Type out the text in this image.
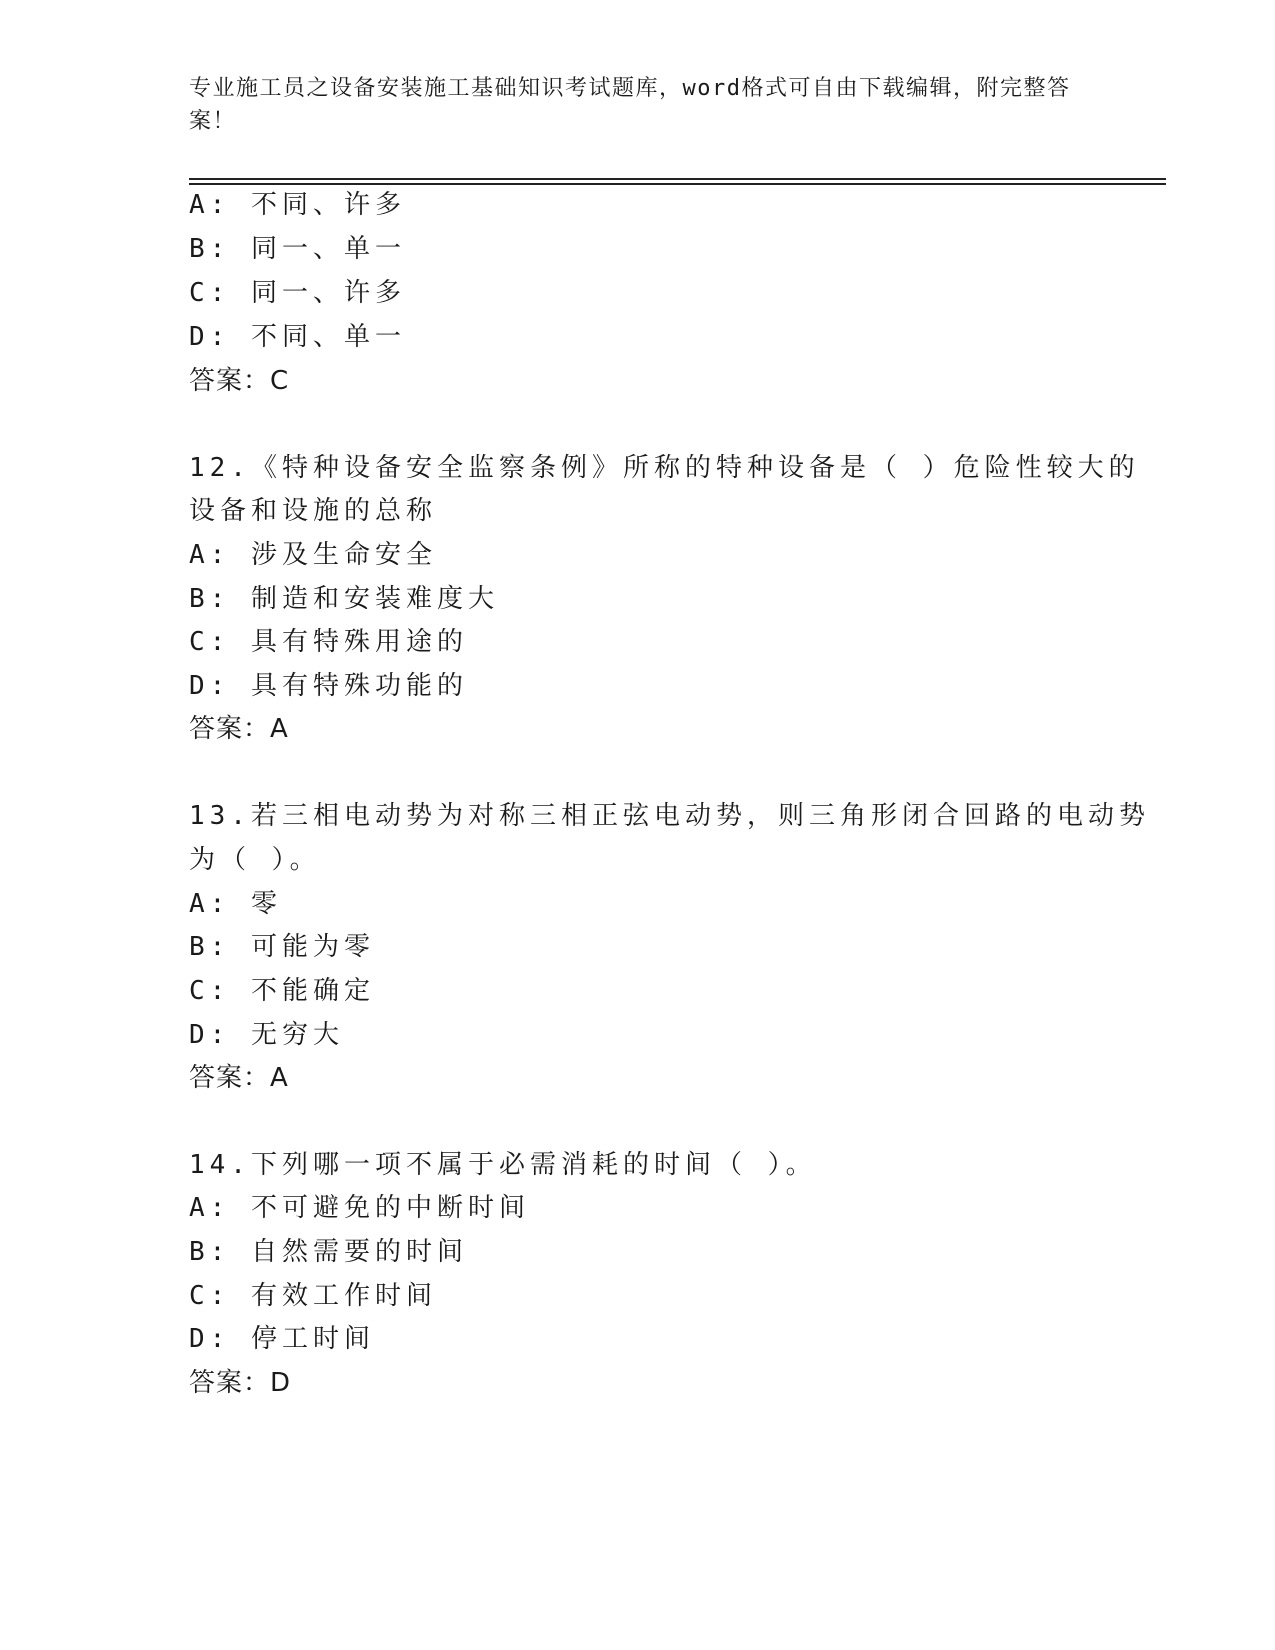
专业施工员之设备安装施工基础知识考试题库，word格式可自由下载编辑，附完整答案！
A: 不同、许多
B: 同一、单一
C: 同一、许多
D: 不同、单一
答案：C
12.《特种设备安全监察条例》所称的特种设备是（ ）危险性较大的
设备和设施的总称
A: 涉及生命安全
B: 制造和安装难度大
C: 具有特殊用途的
D: 具有特殊功能的
答案：A
13.若三相电动势为对称三相正弦电动势，则三角形闭合回路的电动势
为（ ）。
A: 零
B: 可能为零
C: 不能确定
D: 无穷大
答案：A
14.下列哪一项不属于必需消耗的时间（ ）。
A: 不可避免的中断时间
B: 自然需要的时间
C: 有效工作时间
D: 停工时间
答案：D
